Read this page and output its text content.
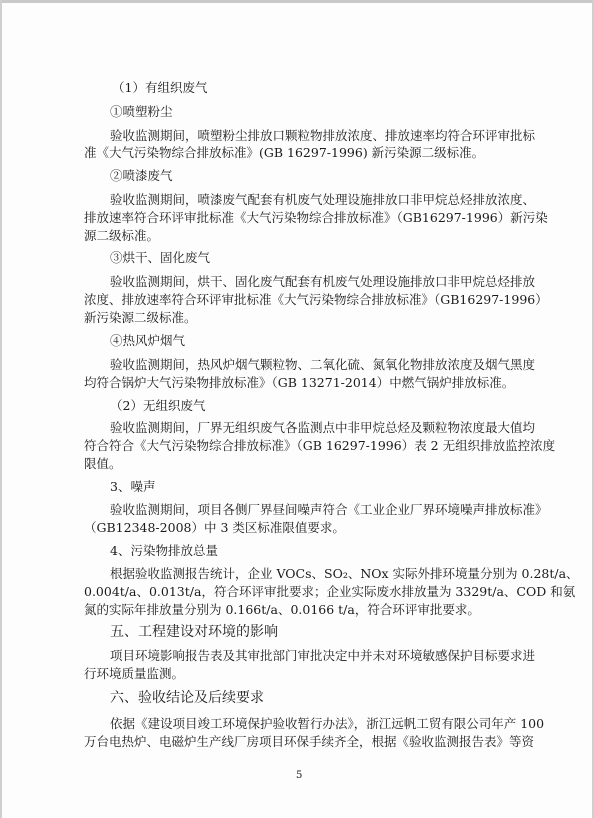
（1）有组织废气
①喷塑粉尘
验收监测期间，喷塑粉尘排放口颗粒物排放浓度、排放速率均符合环评审批标
准《大气污染物综合排放标准》(GB 16297-1996) 新污染源二级标准。
②喷漆废气
验收监测期间，喷漆废气配套有机废气处理设施排放口非甲烷总烃排放浓度、
排放速率符合环评审批标准《大气污染物综合排放标准》（GB16297-1996）新污染
源二级标准。
③烘干、固化废气
验收监测期间，烘干、固化废气配套有机废气处理设施排放口非甲烷总烃排放
浓度、排放速率符合环评审批标准《大气污染物综合排放标准》（GB16297-1996）
新污染源二级标准。
④热风炉烟气
验收监测期间，热风炉烟气颗粒物、二氧化硫、氮氧化物排放浓度及烟气黑度
均符合锅炉大气污染物排放标准》（GB 13271-2014）中燃气锅炉排放标准。
（2）无组织废气
验收监测期间，厂界无组织废气各监测点中非甲烷总烃及颗粒物浓度最大值均
符合符合《大气污染物综合排放标准》（GB 16297-1996）表 2 无组织排放监控浓度
限值。
3、噪声
验收监测期间，项目各侧厂界昼间噪声符合《工业企业厂界环境噪声排放标准》
（GB12348-2008）中 3 类区标准限值要求。
4、污染物排放总量
根据验收监测报告统计，企业 VOCs、SO₂、NOx 实际外排环境量分别为 0.28t/a、
0.004t/a、0.013t/a，符合环评审批要求；企业实际废水排放量为 3329t/a、COD 和氨
氮的实际年排放量分别为 0.166t/a、0.0166 t/a，符合环评审批要求。
五、工程建设对环境的影响
项目环境影响报告表及其审批部门审批决定中并未对环境敏感保护目标要求进
行环境质量监测。
六、验收结论及后续要求
依据《建设项目竣工环境保护验收暂行办法》，浙江远帆工贸有限公司年产 100
万台电热炉、电磁炉生产线厂房项目环保手续齐全，根据《验收监测报告表》等资
5
